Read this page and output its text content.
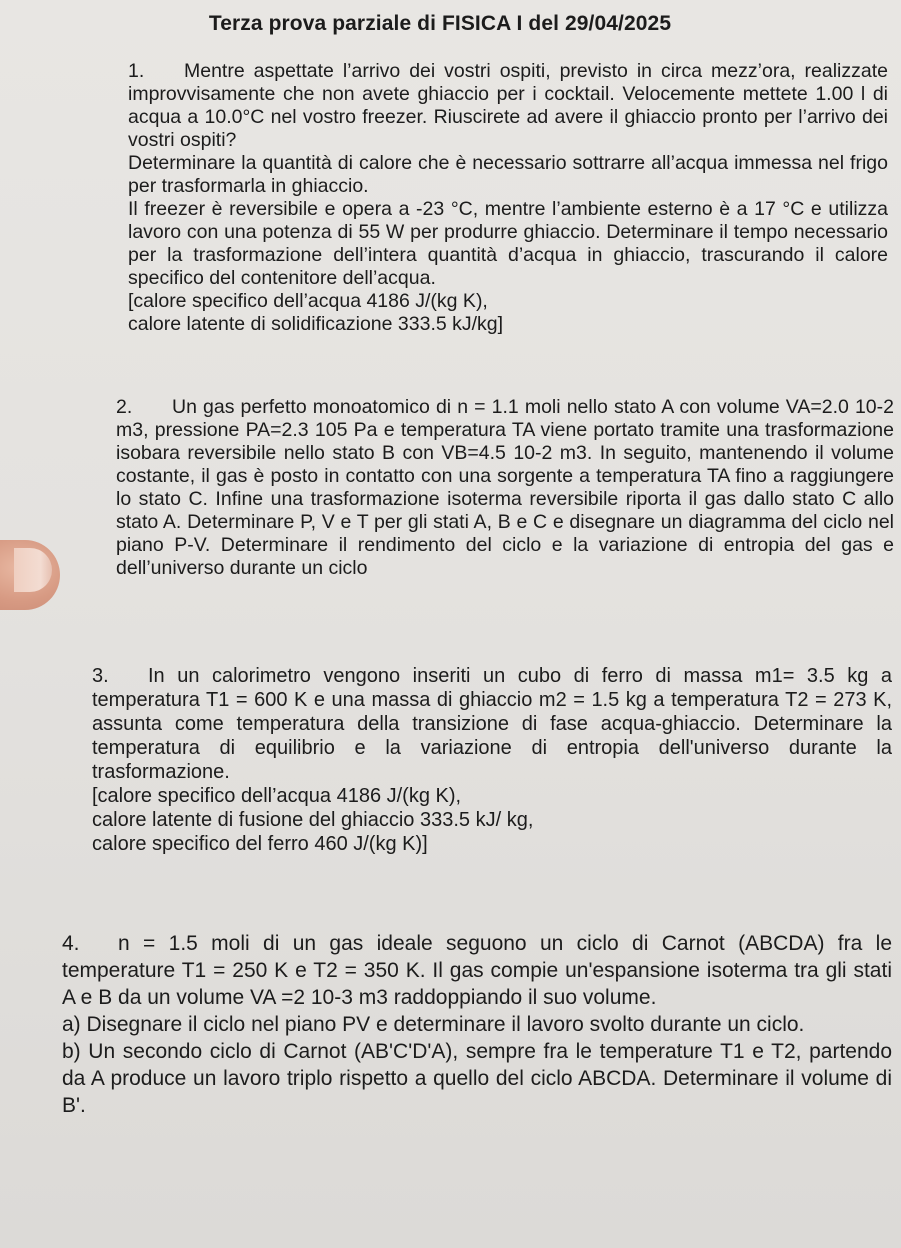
Terza prova parziale di FISICA I del 29/04/2025

1. Mentre aspettate l’arrivo dei vostri ospiti, previsto in circa mezz’ora, realizzate improvvisamente che non avete ghiaccio per i cocktail. Velocemente mettete 1.00 l di acqua a 10.0°C nel vostro freezer. Riuscirete ad avere il ghiaccio pronto per l’arrivo dei vostri ospiti?

Determinare la quantità di calore che è necessario sottrarre all’acqua immessa nel frigo per trasformarla in ghiaccio.

Il freezer è reversibile e opera a -23 °C, mentre l’ambiente esterno è a 17 °C e utilizza lavoro con una potenza di 55 W per produrre ghiaccio. Determinare il tempo necessario per la trasformazione dell’intera quantità d’acqua in ghiaccio, trascurando il calore specifico del contenitore dell’acqua.

[calore specifico dell’acqua 4186 J/(kg K),

calore latente di solidificazione 333.5 kJ/kg]

2. Un gas perfetto monoatomico di n = 1.1 moli nello stato A con volume VA=2.0 10-2 m3, pressione PA=2.3 105 Pa e temperatura TA viene portato tramite una trasformazione isobara reversibile nello stato B con VB=4.5 10-2 m3. In seguito, mantenendo il volume costante, il gas è posto in contatto con una sorgente a temperatura TA fino a raggiungere lo stato C. Infine una trasformazione isoterma reversibile riporta il gas dallo stato C allo stato A. Determinare P, V e T per gli stati A, B e C e disegnare un diagramma del ciclo nel piano P-V. Determinare il rendimento del ciclo e la variazione di entropia del gas e dell’universo durante un ciclo

3. In un calorimetro vengono inseriti un cubo di ferro di massa m1= 3.5 kg a temperatura T1 = 600 K e una massa di ghiaccio m2 = 1.5 kg a temperatura T2 = 273 K, assunta come temperatura della transizione di fase acqua-ghiaccio. Determinare la temperatura di equilibrio e la variazione di entropia dell'universo durante la trasformazione.

[calore specifico dell’acqua 4186 J/(kg K),

calore latente di fusione del ghiaccio 333.5 kJ/ kg,

calore specifico del ferro 460 J/(kg K)]

4. n = 1.5 moli di un gas ideale seguono un ciclo di Carnot (ABCDA) fra le temperature T1 = 250 K e T2 = 350 K. Il gas compie un'espansione isoterma tra gli stati A e B da un volume VA =2 10-3 m3 raddoppiando il suo volume.

a) Disegnare il ciclo nel piano PV e determinare il lavoro svolto durante un ciclo.

b) Un secondo ciclo di Carnot (AB'C'D'A), sempre fra le temperature T1 e T2, partendo da A produce un lavoro triplo rispetto a quello del ciclo ABCDA. Determinare il volume di B'.
